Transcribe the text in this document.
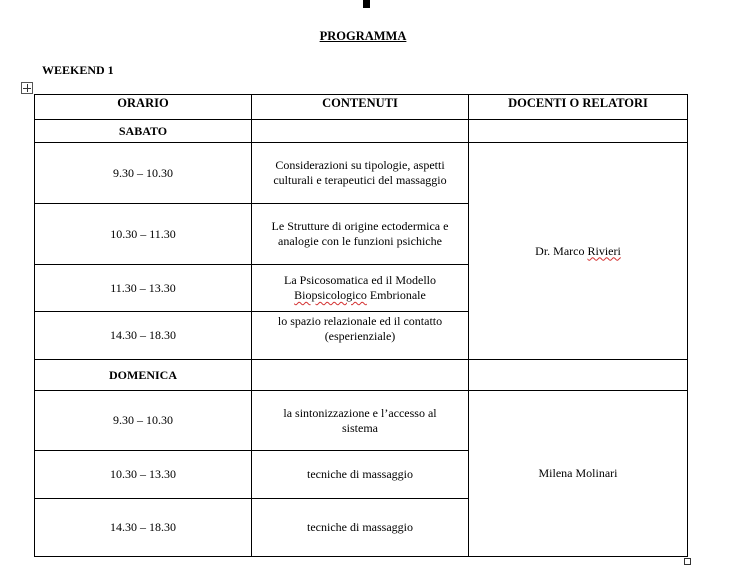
PROGRAMMA
WEEKEND 1
ORARIO	CONTENUTI	DOCENTI O RELATORI
SABATO		
9.30 – 10.30	Considerazioni su tipologie, aspetti
culturali e terapeutici del massaggio	Dr. Marco Rivieri
10.30 – 11.30	Le Strutture di origine ectodermica e
analogie con le funzioni psichiche	
11.30 – 13.30	La Psicosomatica ed il Modello
Biopsicologico Embrionale	
14.30 – 18.30	lo spazio relazionale ed il contatto
(esperienziale)	
DOMENICA		
9.30 – 10.30	la sintonizzazione e l’accesso al
sistema	Milena Molinari
10.30 – 13.30	tecniche di massaggio	
14.30 – 18.30	tecniche di massaggio	
